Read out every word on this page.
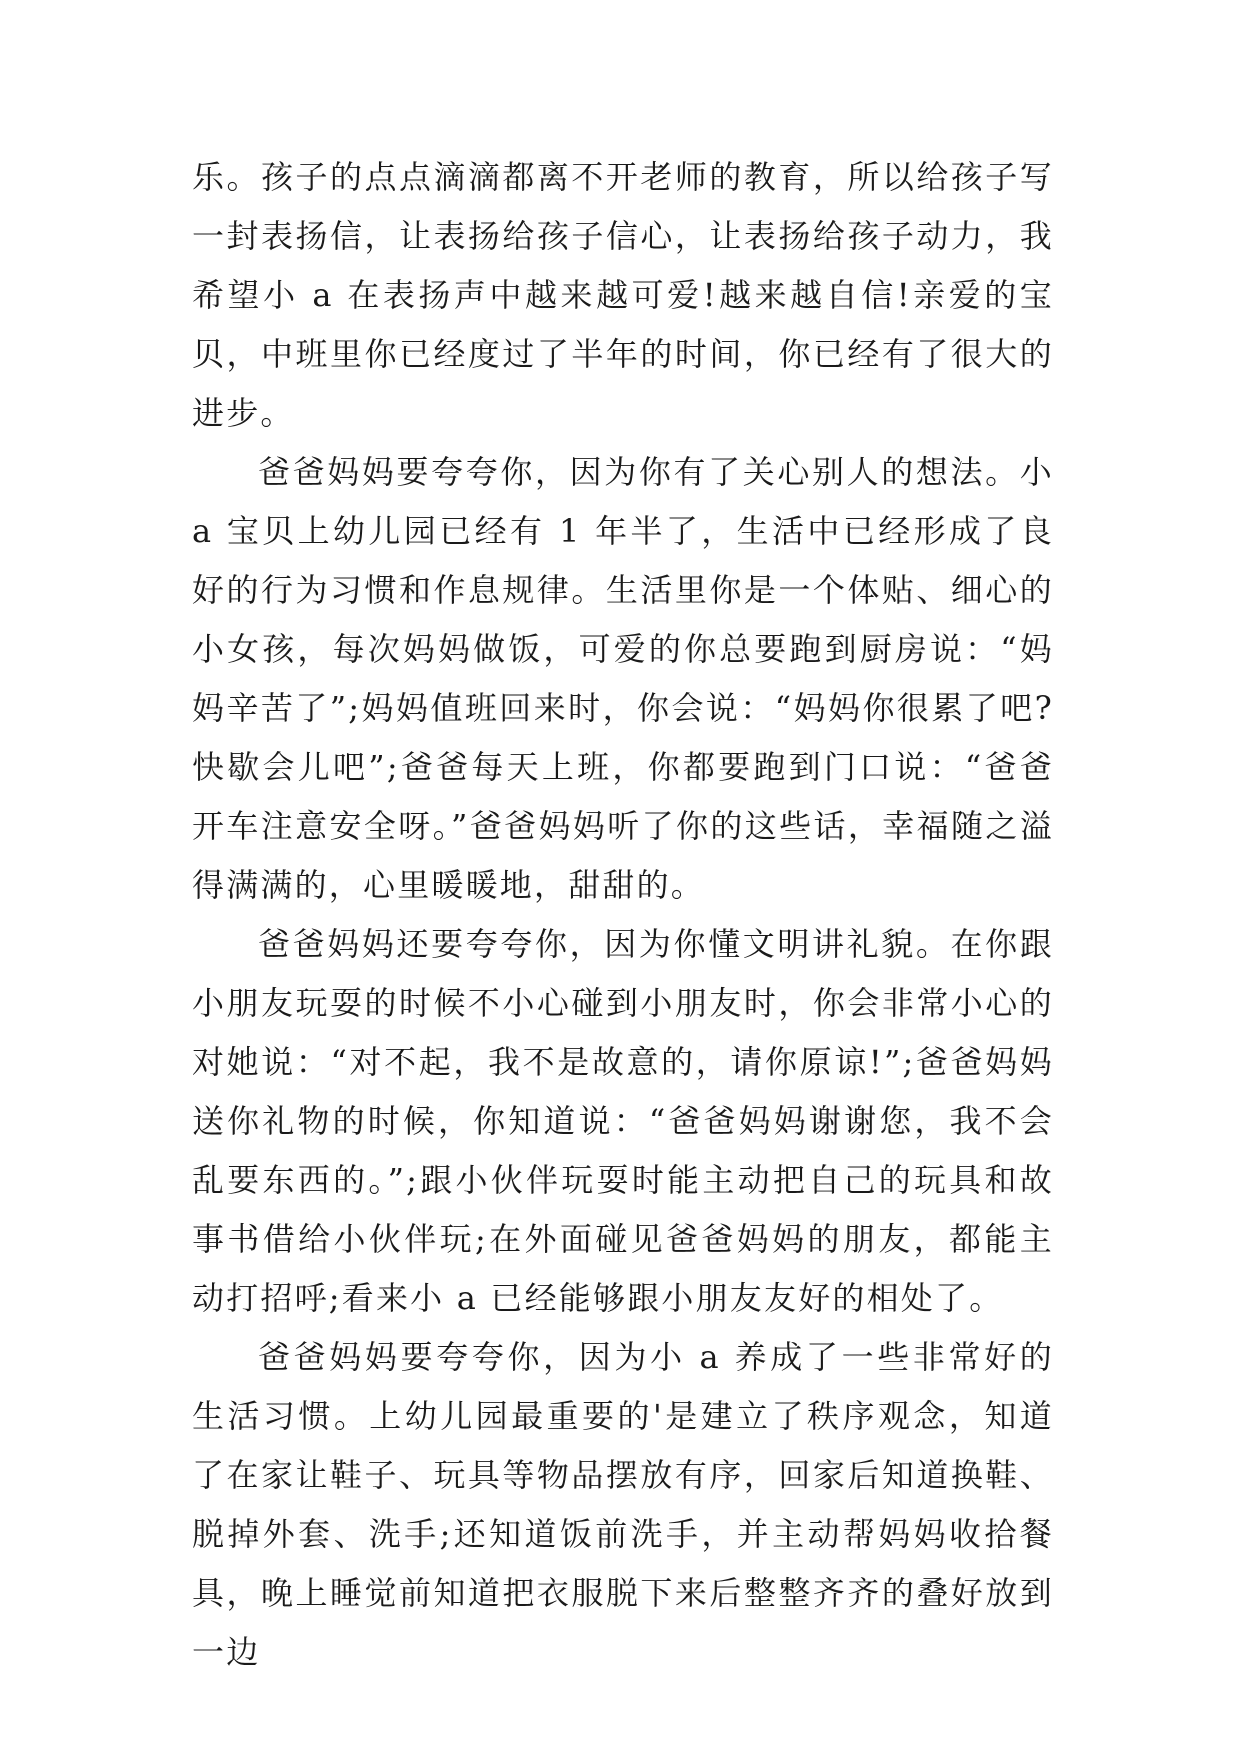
乐。孩子的点点滴滴都离不开老师的教育，所以给孩子写一封表扬信，让表扬给孩子信心，让表扬给孩子动力，我希望小 a 在表扬声中越来越可爱!越来越自信!亲爱的宝贝，中班里你已经度过了半年的时间，你已经有了很大的进步。

爸爸妈妈要夸夸你，因为你有了关心别人的想法。小 a 宝贝上幼儿园已经有 1 年半了，生活中已经形成了良好的行为习惯和作息规律。生活里你是一个体贴、细心的小女孩，每次妈妈做饭，可爱的你总要跑到厨房说：“妈妈辛苦了”;妈妈值班回来时，你会说：“妈妈你很累了吧?快歇会儿吧”;爸爸每天上班，你都要跑到门口说：“爸爸开车注意安全呀。”爸爸妈妈听了你的这些话，幸福随之溢得满满的，心里暖暖地，甜甜的。

爸爸妈妈还要夸夸你，因为你懂文明讲礼貌。在你跟小朋友玩耍的时候不小心碰到小朋友时，你会非常小心的对她说：“对不起，我不是故意的，请你原谅!”;爸爸妈妈送你礼物的时候，你知道说：“爸爸妈妈谢谢您，我不会乱要东西的。”;跟小伙伴玩耍时能主动把自己的玩具和故事书借给小伙伴玩;在外面碰见爸爸妈妈的朋友，都能主动打招呼;看来小 a 已经能够跟小朋友友好的相处了。

爸爸妈妈要夸夸你，因为小 a 养成了一些非常好的生活习惯。上幼儿园最重要的'是建立了秩序观念，知道了在家让鞋子、玩具等物品摆放有序，回家后知道换鞋、脱掉外套、洗手;还知道饭前洗手，并主动帮妈妈收拾餐具，晚上睡觉前知道把衣服脱下来后整整齐齐的叠好放到一边
